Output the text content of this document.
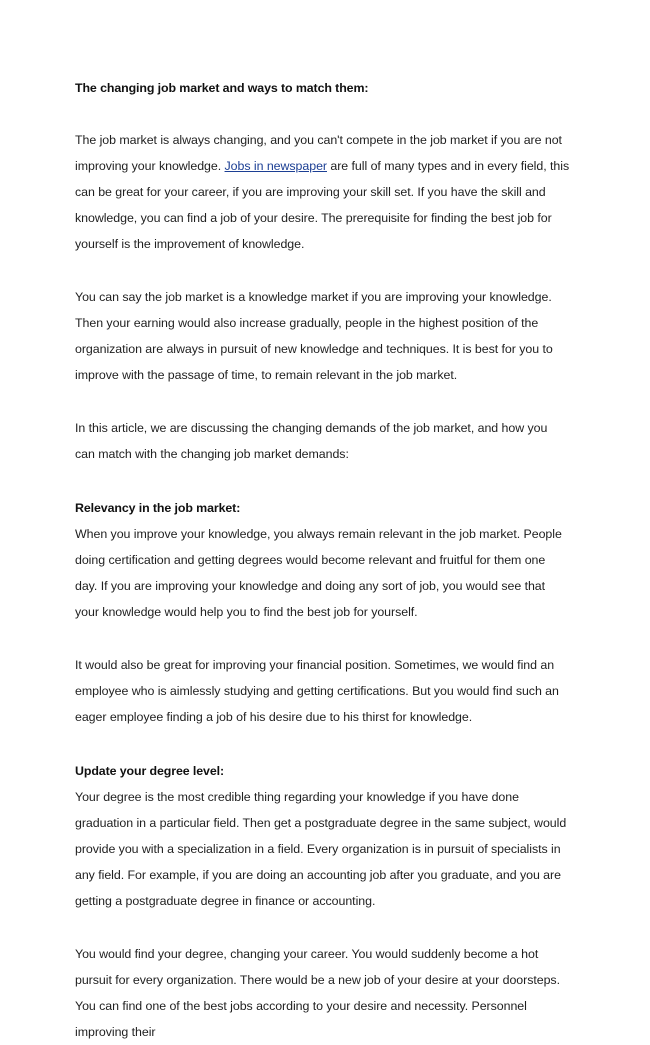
The changing job market and ways to match them:

The job market is always changing, and you can't compete in the job market if you are not improving your knowledge. Jobs in newspaper are full of many types and in every field, this can be great for your career, if you are improving your skill set. If you have the skill and knowledge, you can find a job of your desire. The prerequisite for finding the best job for yourself is the improvement of knowledge.

You can say the job market is a knowledge market if you are improving your knowledge. Then your earning would also increase gradually, people in the highest position of the organization are always in pursuit of new knowledge and techniques. It is best for you to improve with the passage of time, to remain relevant in the job market.

In this article, we are discussing the changing demands of the job market, and how you can match with the changing job market demands:

Relevancy in the job market:

When you improve your knowledge, you always remain relevant in the job market. People doing certification and getting degrees would become relevant and fruitful for them one day. If you are improving your knowledge and doing any sort of job, you would see that your knowledge would help you to find the best job for yourself.

It would also be great for improving your financial position. Sometimes, we would find an employee who is aimlessly studying and getting certifications. But you would find such an eager employee finding a job of his desire due to his thirst for knowledge.

Update your degree level:

Your degree is the most credible thing regarding your knowledge if you have done graduation in a particular field. Then get a postgraduate degree in the same subject, would provide you with a specialization in a field. Every organization is in pursuit of specialists in any field. For example, if you are doing an accounting job after you graduate, and you are getting a postgraduate degree in finance or accounting.

You would find your degree, changing your career. You would suddenly become a hot pursuit for every organization. There would be a new job of your desire at your doorsteps. You can find one of the best jobs according to your desire and necessity. Personnel improving their
